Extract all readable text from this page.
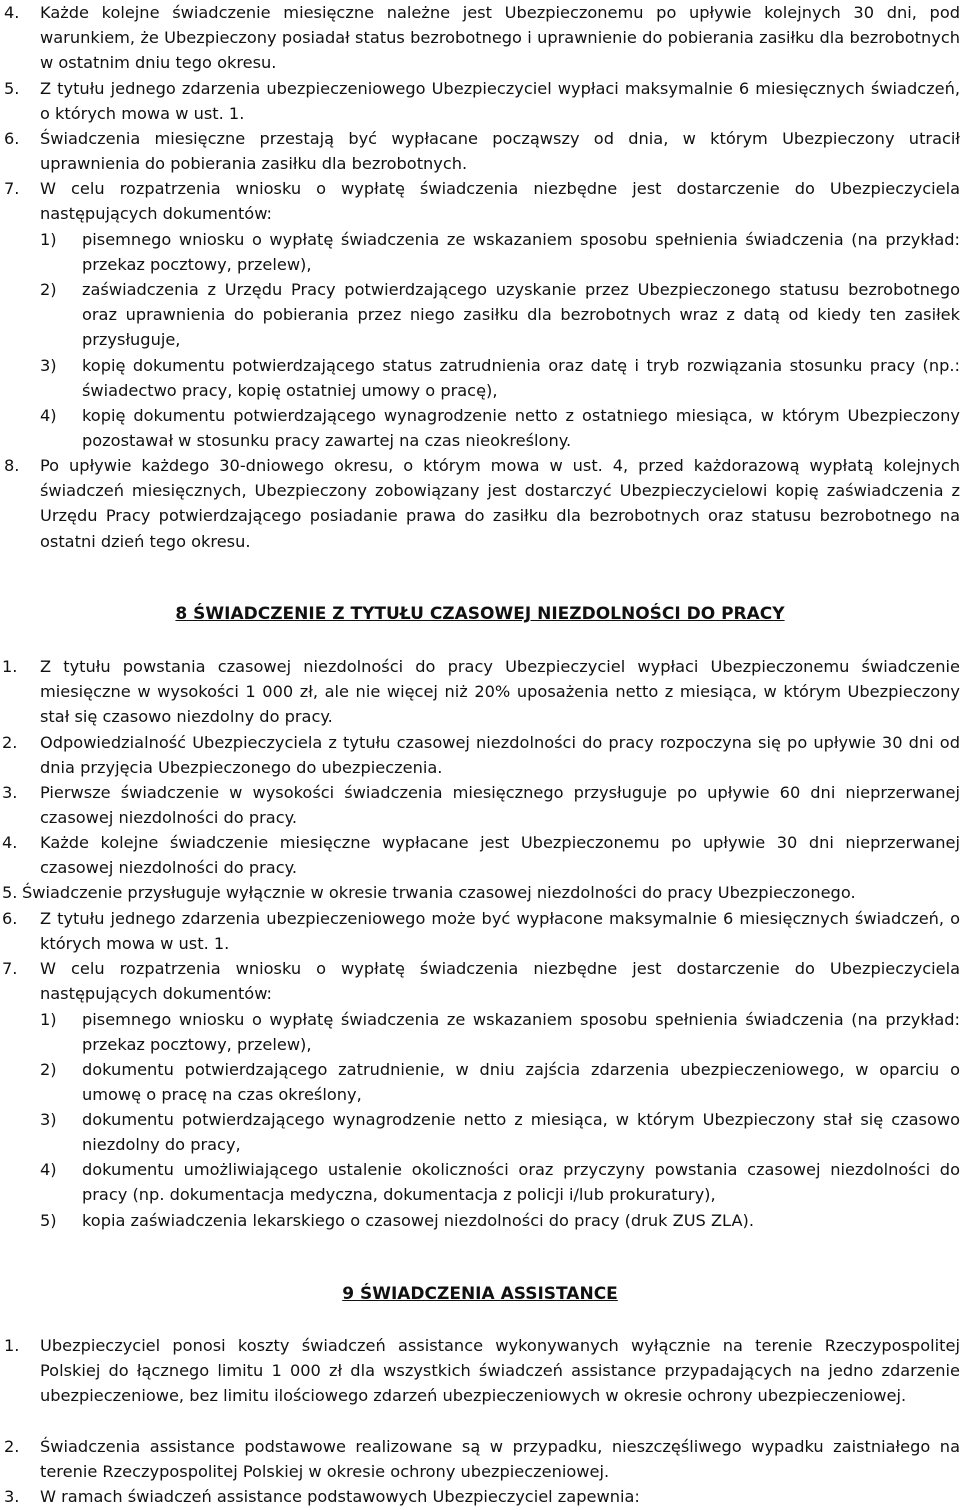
4. Każde kolejne świadczenie miesięczne należne jest Ubezpieczonemu po upływie kolejnych 30 dni, pod warunkiem, że Ubezpieczony posiadał status bezrobotnego i uprawnienie do pobierania zasiłku dla bezrobotnych w ostatnim dniu tego okresu.
5. Z tytułu jednego zdarzenia ubezpieczeniowego Ubezpieczyciel wypłaci maksymalnie 6 miesięcznych świadczeń, o których mowa w ust. 1.
6. Świadczenia miesięczne przestają być wypłacane począwszy od dnia, w którym Ubezpieczony utracił uprawnienia do pobierania zasiłku dla bezrobotnych.
7. W celu rozpatrzenia wniosku o wypłatę świadczenia niezbędne jest dostarczenie do Ubezpieczyciela następujących dokumentów:
1) pisemnego wniosku o wypłatę świadczenia ze wskazaniem sposobu spełnienia świadczenia (na przykład: przekaz pocztowy, przelew),
2) zaświadczenia z Urzędu Pracy potwierdzającego uzyskanie przez Ubezpieczonego statusu bezrobotnego oraz uprawnienia do pobierania przez niego zasiłku dla bezrobotnych wraz z datą od kiedy ten zasiłek przysługuje,
3) kopię dokumentu potwierdzającego status zatrudnienia oraz datę i tryb rozwiązania stosunku pracy (np.: świadectwo pracy, kopię ostatniej umowy o pracę),
4) kopię dokumentu potwierdzającego wynagrodzenie netto z ostatniego miesiąca, w którym Ubezpieczony pozostawał w stosunku pracy zawartej na czas nieokreślony.
8. Po upływie każdego 30-dniowego okresu, o którym mowa w ust. 4, przed każdorazową wypłatą kolejnych świadczeń miesięcznych, Ubezpieczony zobowiązany jest dostarczyć Ubezpieczycielowi kopię zaświadczenia z Urzędu Pracy potwierdzającego posiadanie prawa do zasiłku dla bezrobotnych oraz statusu bezrobotnego na ostatni dzień tego okresu.
8 ŚWIADCZENIE Z TYTUŁU CZASOWEJ NIEZDOLNOŚCI DO PRACY
1. Z tytułu powstania czasowej niezdolności do pracy Ubezpieczyciel wypłaci Ubezpieczonemu świadczenie miesięczne w wysokości 1 000 zł, ale nie więcej niż 20% uposażenia netto z miesiąca, w którym Ubezpieczony stał się czasowo niezdolny do pracy.
2. Odpowiedzialność Ubezpieczyciela z tytułu czasowej niezdolności do pracy rozpoczyna się po upływie 30 dni od dnia przyjęcia Ubezpieczonego do ubezpieczenia.
3. Pierwsze świadczenie w wysokości świadczenia miesięcznego przysługuje po upływie 60 dni nieprzerwanej czasowej niezdolności do pracy.
4. Każde kolejne świadczenie miesięczne wypłacane jest Ubezpieczonemu po upływie 30 dni nieprzerwanej czasowej niezdolności do pracy.
5. Świadczenie przysługuje wyłącznie w okresie trwania czasowej niezdolności do pracy Ubezpieczonego.
6. Z tytułu jednego zdarzenia ubezpieczeniowego może być wypłacone maksymalnie 6 miesięcznych świadczeń, o których mowa w ust. 1.
7. W celu rozpatrzenia wniosku o wypłatę świadczenia niezbędne jest dostarczenie do Ubezpieczyciela następujących dokumentów:
1) pisemnego wniosku o wypłatę świadczenia ze wskazaniem sposobu spełnienia świadczenia (na przykład: przekaz pocztowy, przelew),
2) dokumentu potwierdzającego zatrudnienie, w dniu zajścia zdarzenia ubezpieczeniowego, w oparciu o umowę o pracę na czas określony,
3) dokumentu potwierdzającego wynagrodzenie netto z miesiąca, w którym Ubezpieczony stał się czasowo niezdolny do pracy,
4) dokumentu umożliwiającego ustalenie okoliczności oraz przyczyny powstania czasowej niezdolności do pracy (np. dokumentacja medyczna, dokumentacja z policji i/lub prokuratury),
5) kopia zaświadczenia lekarskiego o czasowej niezdolności do pracy (druk ZUS ZLA).
9 ŚWIADCZENIA ASSISTANCE
1. Ubezpieczyciel ponosi koszty świadczeń assistance wykonywanych wyłącznie na terenie Rzeczypospolitej Polskiej do łącznego limitu 1 000 zł dla wszystkich świadczeń assistance przypadających na jedno zdarzenie ubezpieczeniowe, bez limitu ilościowego zdarzeń ubezpieczeniowych w okresie ochrony ubezpieczeniowej.
2. Świadczenia assistance podstawowe realizowane są w przypadku, nieszczęśliwego wypadku zaistniałego na terenie Rzeczypospolitej Polskiej w okresie ochrony ubezpieczeniowej.
3. W ramach świadczeń assistance podstawowych Ubezpieczyciel zapewnia:
